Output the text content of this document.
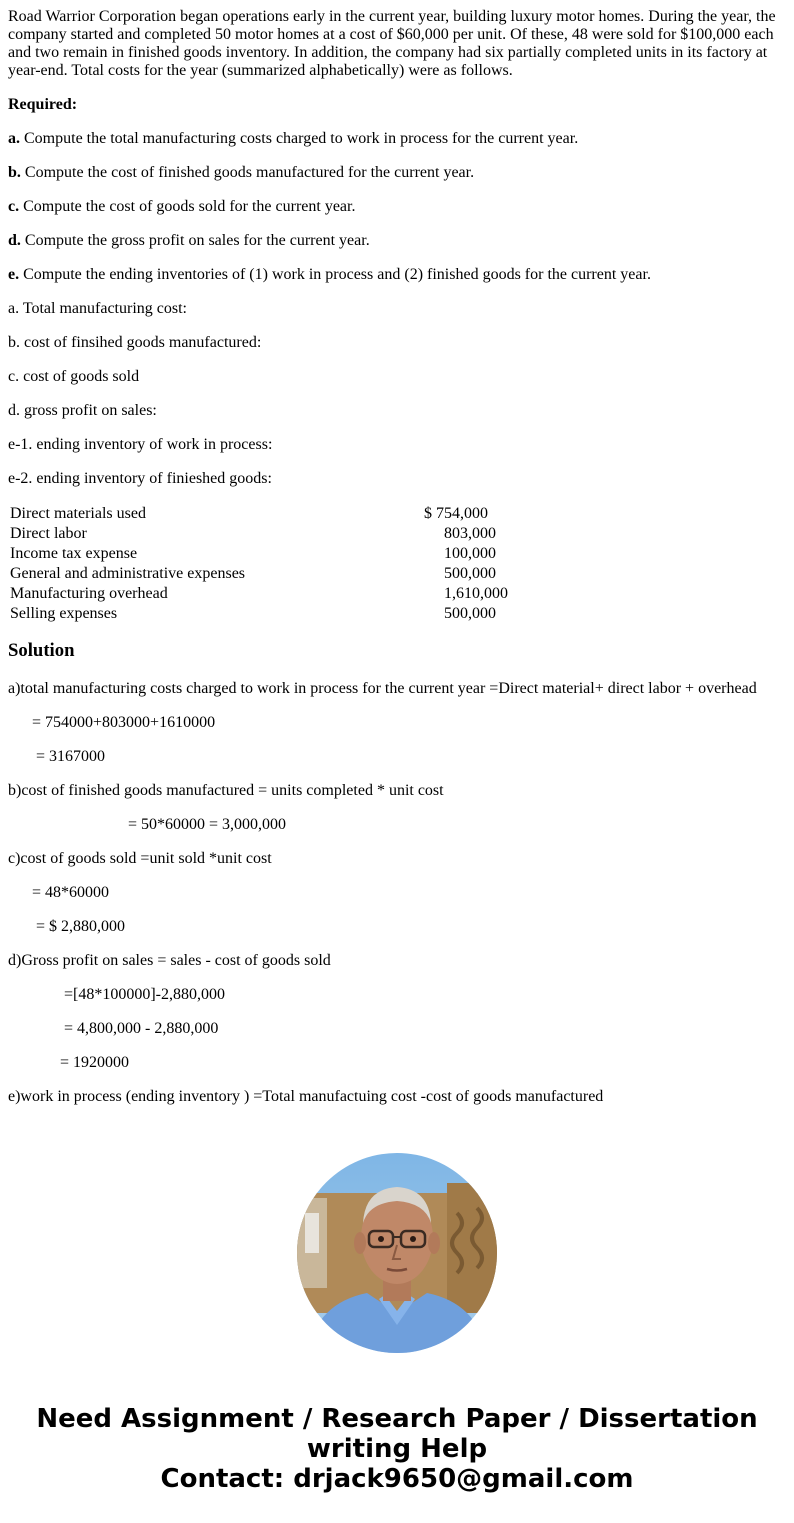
Road Warrior Corporation began operations early in the current year, building luxury motor homes. During the year, the company started and completed 50 motor homes at a cost of $60,000 per unit. Of these, 48 were sold for $100,000 each and two remain in finished goods inventory. In addition, the company had six partially completed units in its factory at year-end. Total costs for the year (summarized alphabetically) were as follows.

Required:

a. Compute the total manufacturing costs charged to work in process for the current year.

b. Compute the cost of finished goods manufactured for the current year.

c. Compute the cost of goods sold for the current year.

d. Compute the gross profit on sales for the current year.

e. Compute the ending inventories of (1) work in process and (2) finished goods for the current year.

a. Total manufacturing cost:

b. cost of finsihed goods manufactured:

c. cost of goods sold

d. gross profit on sales:

e-1. ending inventory of work in process:

e-2. ending inventory of finieshed goods:

Direct materials used	$ 754,000
Direct labor	803,000
Income tax expense	100,000
General and administrative expenses	500,000
Manufacturing overhead	1,610,000
Selling expenses	500,000
Solution
a)total manufacturing costs charged to work in process for the current year =Direct material+ direct labor + overhead
= 754000+803000+1610000
= 3167000
b)cost of finished goods manufactured = units completed * unit cost
= 50*60000 = 3,000,000
c)cost of goods sold =unit sold *unit cost
= 48*60000
= $ 2,880,000
d)Gross profit on sales = sales - cost of goods sold
=[48*100000]-2,880,000
= 4,800,000 - 2,880,000
= 1920000
e)work in process (ending inventory ) =Total manufactuing cost -cost of goods manufactured
Need Assignment / Research Paper / Dissertation
writing Help
Contact: drjack9650@gmail.com
